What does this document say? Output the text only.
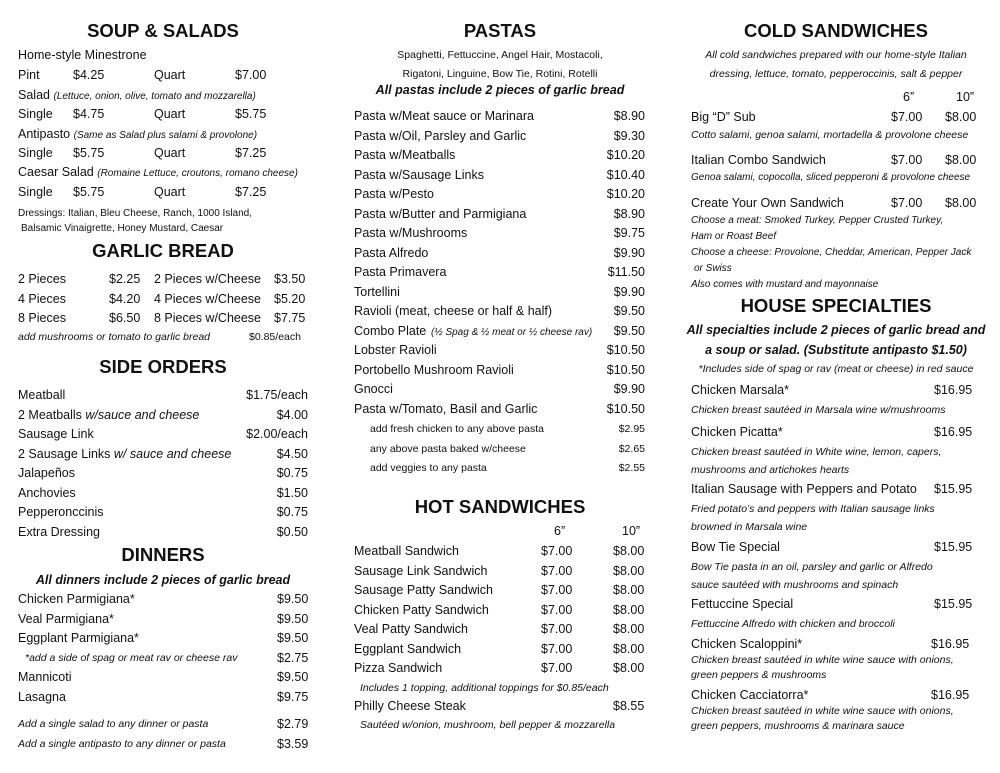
SOUP & SALADS
Home-style Minestrone
Pint	$4.25	Quart	$7.00
Salad (Lettuce, onion, olive, tomato and mozzarella)
Single $4.75	Quart	$5.75
Antipasto (Same as Salad plus salami & provolone)
Single $5.75	Quart	$7.25
Caesar Salad (Romaine Lettuce, croutons, romano cheese)
Single $5.75	Quart	$7.25
Dressings: Italian, Bleu Cheese, Ranch, 1000 Island,
Balsamic Vinaigrette, Honey Mustard, Caesar
GARLIC BREAD
2 Pieces	$2.25 2 Pieces w/Cheese $3.50
4 Pieces	$4.20 4 Pieces w/Cheese $5.20
8 Pieces	$6.50 8 Pieces w/Cheese $7.75
add mushrooms or tomato to garlic bread	$0.85/each
SIDE ORDERS
Meatball	$1.75/each
2 Meatballs w/sauce and cheese	$4.00
Sausage Link	$2.00/each
2 Sausage Links w/ sauce and cheese	$4.50
Jalapeños	$0.75
Anchovies	$1.50
Pepperonccinis	$0.75
Extra Dressing	$0.50
DINNERS
All dinners include 2 pieces of garlic bread
Chicken Parmigiana*	$9.50
Veal Parmigiana*	$9.50
Eggplant Parmigiana*	$9.50
*add a side of spag or meat rav or cheese rav	$2.75
Mannicoti	$9.50
Lasagna	$9.75
Add a single salad to any dinner or pasta	$2.79
Add a single antipasto to any dinner or pasta	$3.59
PASTAS
Spaghetti, Fettuccine, Angel Hair, Mostacoli,
Rigatoni, Linguine, Bow Tie, Rotini, Rotelli
All pastas include 2 pieces of garlic bread
Pasta w/Meat sauce or Marinara	$8.90
Pasta w/Oil, Parsley and Garlic	$9.30
Pasta w/Meatballs	$10.20
Pasta w/Sausage Links	$10.40
Pasta w/Pesto	$10.20
Pasta w/Butter and Parmigiana	$8.90
Pasta w/Mushrooms	$9.75
Pasta Alfredo	$9.90
Pasta Primavera	$11.50
Tortellini	$9.90
Ravioli (meat, cheese or half & half)	$9.50
Combo Plate	$9.50
Lobster Ravioli	$10.50
Portobello Mushroom Ravioli	$10.50
Gnocci	$9.90
Pasta w/Tomato, Basil and Garlic	$10.50
(½ Spag & ½ meat or ½ cheese rav)
add fresh chicken to any above pasta	$2.95
any above pasta baked w/cheese	$2.65
add veggies to any pasta	$2.55
HOT SANDWICHES
6”	10”
Meatball Sandwich	$7.00	$8.00
Sausage Link Sandwich	$7.00	$8.00
Sausage Patty Sandwich	$7.00	$8.00
Chicken Patty Sandwich	$7.00	$8.00
Veal Patty Sandwich	$7.00	$8.00
Eggplant Sandwich	$7.00	$8.00
Pizza Sandwich	$7.00	$8.00
Includes 1 topping, additional toppings for $0.85/each
Philly Cheese Steak	$8.55
Sautéed w/onion, mushroom, bell pepper & mozzarella
COLD SANDWICHES
All cold sandwiches prepared with our home-style Italian
dressing, lettuce, tomato, pepperoccinis, salt & pepper
6”	10”
Big “D” Sub	$7.00 $8.00
Cotto salami, genoa salami, mortadella & provolone cheese
Italian Combo Sandwich	$7.00 $8.00
Genoa salami, copocolla, sliced pepperoni & provolone cheese
Create Your Own Sandwich	$7.00 $8.00
Choose a meat: Smoked Turkey, Pepper Crusted Turkey,
Ham or Roast Beef
Choose a cheese: Provolone, Cheddar, American, Pepper Jack
or Swiss
Also comes with mustard and mayonnaise
HOUSE SPECIALTIES
All specialties include 2 pieces of garlic bread and
a soup or salad. (Substitute antipasto $1.50)
*Includes side of spag or rav (meat or cheese) in red sauce
Chicken Marsala*	$16.95
Chicken breast sautéed in Marsala wine w/mushrooms
Chicken Picatta*	$16.95
Chicken breast sautéed in White wine, lemon, capers,
mushrooms and artichokes hearts
Italian Sausage with Peppers and Potato $15.95
Fried potato’s and peppers with Italian sausage links
browned in Marsala wine
Bow Tie Special	$15.95
Bow Tie pasta in an oil, parsley and garlic or Alfredo
sauce sautéed with mushrooms and spinach
Fettuccine Special	$15.95
Fettuccine Alfredo with chicken and broccoli
Chicken Scaloppini*	$16.95
Chicken breast sautéed in white wine sauce with onions,
green peppers & mushrooms
Chicken Cacciatorra*	$16.95
Chicken breast sautéed in white wine sauce with onions,
green peppers, mushrooms & marinara sauce
